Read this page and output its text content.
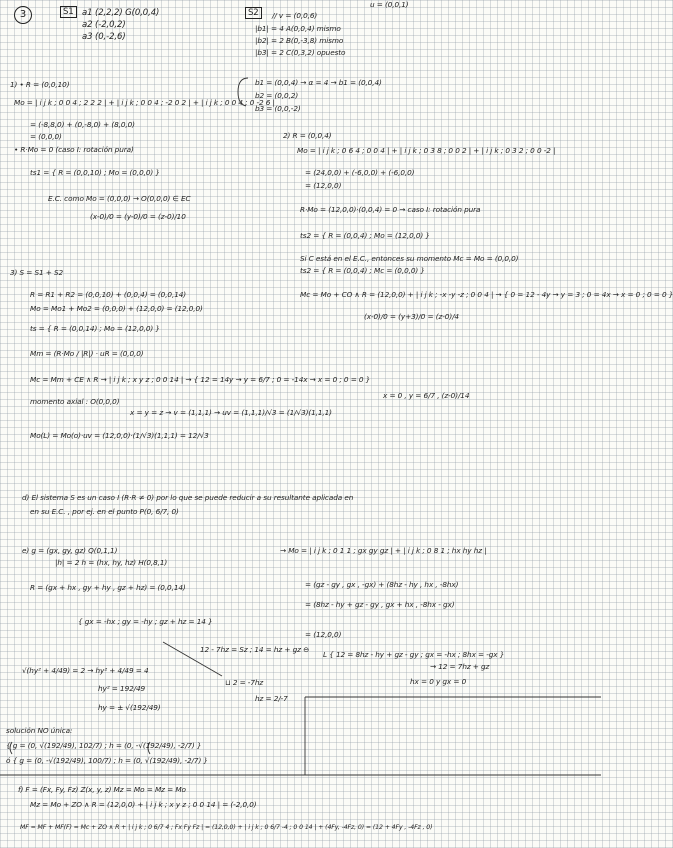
3	S1 a1 (2,2,2) G(0,0,4)
a2 (-2,0,2)
a3 (0,-2,6)
S2	// v = (0,0,6)
|b1| = 4 A(0,0,4) mismo
|b2| = 2 B(0,-3,8) mismo
|b3| = 2 C(0,3,2) opuesto
u = (0,0,1)
b1 = (0,0,4) → α = 4 → b1 = (0,0,4)
b2 = (0,0,2)
b3 = (0,0,-2)
1) • R = (0,0,10)
Mo = | i j k ; 0 0 4 ; 2 2 2 | + | i j k ; 0 0 4 ; -2 0 2 | + | i j k ; 0 0 4 ; 0 -2 6 |
= (-8,8,0) + (0,-8,0) + (8,0,0)
= (0,0,0)
• R·Mo = 0 (caso I: rotación pura)
ts1 = { R = (0,0,10) ; Mo = (0,0,0) }
E.C. como Mo = (0,0,0) → O(0,0,0) ∈ EC
(x-0)/0 = (y-0)/0 = (z-0)/10
2) R = (0,0,4)
Mo = | i j k ; 0 6 4 ; 0 0 4 | + | i j k ; 0 3 8 ; 0 0 2 | + | i j k ; 0 3 2 ; 0 0 -2 |
= (24,0,0) + (-6,0,0) + (-6,0,0)
= (12,0,0)
R·Mo = (12,0,0)·(0,0,4) = 0 → caso I: rotación pura
ts2 = { R = (0,0,4) ; Mo = (12,0,0) }
Si C está en el E.C., entonces su momento Mc = Mo = (0,0,0)
ts2 = { R = (0,0,4) ; Mc = (0,0,0) }
Mc = Mo + CO ∧ R = (12,0,0) + | i j k ; -x -y -z ; 0 0 4 | → { 0 = 12 - 4y → y = 3 ; 0 = 4x → x = 0 ; 0 = 0 }
(x-0)/0 = (y+3)/0 = (z-0)/4
3) S = S1 + S2
R = R1 + R2 = (0,0,10) + (0,0,4) = (0,0,14)
Mo = Mo1 + Mo2 = (0,0,0) + (12,0,0) = (12,0,0)
ts = { R = (0,0,14) ; Mo = (12,0,0) }
Mm = (R·Mo / |R|) · uR = (0,0,0)
Mc = Mm + CE ∧ R → | i j k ; x y z ; 0 0 14 | → { 12 = 14y → y = 6/7 ; 0 = -14x → x = 0 ; 0 = 0 }
x = 0 , y = 6/7 , (z-0)/14
momento axial : O(0,0,0)
x = y = z → v = (1,1,1) → uv = (1,1,1)/√3 = (1/√3)(1,1,1)
Mo(L) = Mo(o)·uv = (12,0,0)·(1/√3)(1,1,1) = 12/√3
d) El sistema S es un caso I (R·R ≠ 0) por lo que se puede reducir a su resultante aplicada en
en su E.C. , por ej. en el punto P(0, 6/7, 0)
e) g = (gx, gy, gz) Q(0,1,1)
|h| = 2 h = (hx, hy, hz) H(0,8,1)
R = (gx + hx , gy + hy , gz + hz) = (0,0,14)
{ gx = -hx ; gy = -hy ; gz + hz = 14 }
√(hy² + 4/49) = 2 → hy² + 4/49 = 4
hy² = 192/49
hy = ± √(192/49)
solución NO única:
{ g = (0, √(192/49), 102/7) ; h = (0, -√(192/49), -2/7) }
ó { g = (0, -√(192/49), 100/7) ; h = (0, √(192/49), -2/7) }
→ Mo = | i j k ; 0 1 1 ; gx gy gz | + | i j k ; 0 8 1 ; hx hy hz |
= (gz - gy , gx , -gx) + (8hz - hy , hx , -8hx)
= (8hz - hy + gz - gy , gx + hx , -8hx - gx)
= (12,0,0)
12 - 7hz = Sz ; 14 = hz + gz ⊖
L { 12 = 8hz - hy + gz - gy ; gx = -hx ; 8hx = -gx }
→ 12 = 7hz + gz
hx = 0 y gx = 0
⊔ 2 = -7hz
hz = 2/-7
f) F = (Fx, Fy, Fz) Z(x, y, z) Mz = Mo = Mz = Mo
Mz = Mo + ZO ∧ R = (12,0,0) + | i j k ; x y z ; 0 0 14 | = (-2,0,0)
MF = MF + MF(F) = Mc + ZO ∧ R + | i j k ; 0 6/7 4 ; Fx Fy Fz | = (12,0,0) + | i j k ; 0 6/7 -4 ; 0 0 14 | + (4Fy, -4Fz, 0) = (12 + 4Fy , -4Fz , 0)
